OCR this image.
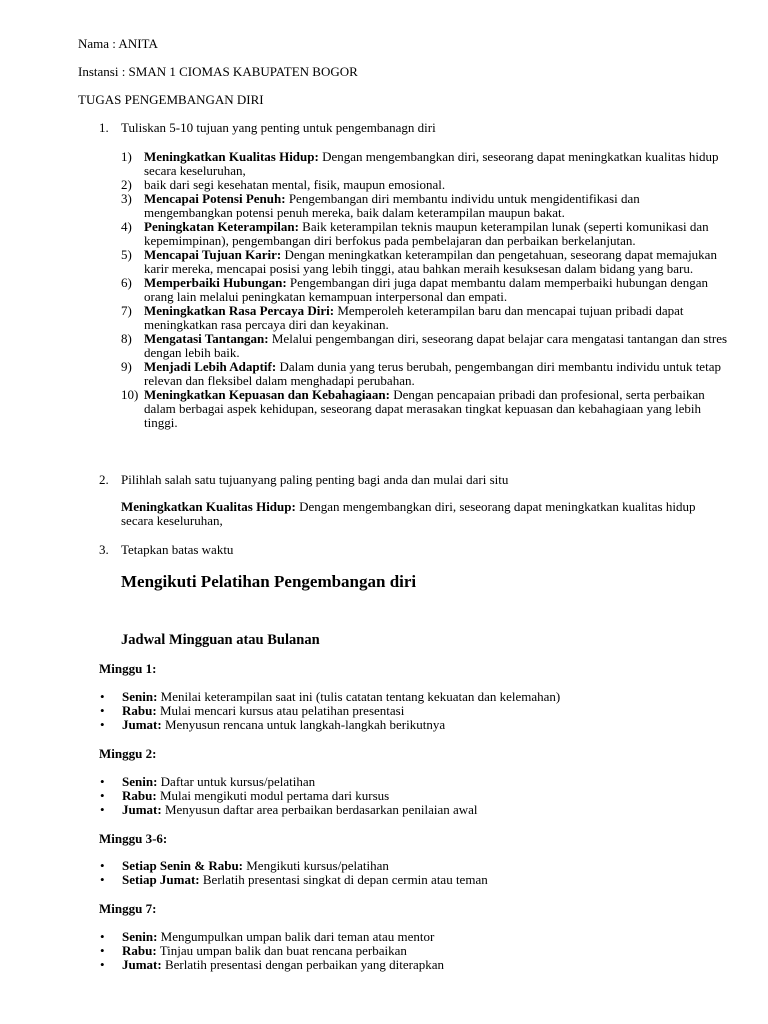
Nama : ANITA
Instansi : SMAN 1 CIOMAS KABUPATEN BOGOR
TUGAS PENGEMBANGAN DIRI
1. Tuliskan 5-10 tujuan yang penting untuk pengembanagn diri
1) Meningkatkan Kualitas Hidup: Dengan mengembangkan diri, seseorang dapat meningkatkan kualitas hidup secara keseluruhan,
2) baik dari segi kesehatan mental, fisik, maupun emosional.
3) Mencapai Potensi Penuh: Pengembangan diri membantu individu untuk mengidentifikasi dan mengembangkan potensi penuh mereka, baik dalam keterampilan maupun bakat.
4) Peningkatan Keterampilan: Baik keterampilan teknis maupun keterampilan lunak (seperti komunikasi dan kepemimpinan), pengembangan diri berfokus pada pembelajaran dan perbaikan berkelanjutan.
5) Mencapai Tujuan Karir: Dengan meningkatkan keterampilan dan pengetahuan, seseorang dapat memajukan karir mereka, mencapai posisi yang lebih tinggi, atau bahkan meraih kesuksesan dalam bidang yang baru.
6) Memperbaiki Hubungan: Pengembangan diri juga dapat membantu dalam memperbaiki hubungan dengan orang lain melalui peningkatan kemampuan interpersonal dan empati.
7) Meningkatkan Rasa Percaya Diri: Memperoleh keterampilan baru dan mencapai tujuan pribadi dapat meningkatkan rasa percaya diri dan keyakinan.
8) Mengatasi Tantangan: Melalui pengembangan diri, seseorang dapat belajar cara mengatasi tantangan dan stres dengan lebih baik.
9) Menjadi Lebih Adaptif: Dalam dunia yang terus berubah, pengembangan diri membantu individu untuk tetap relevan dan fleksibel dalam menghadapi perubahan.
10) Meningkatkan Kepuasan dan Kebahagiaan: Dengan pencapaian pribadi dan profesional, serta perbaikan dalam berbagai aspek kehidupan, seseorang dapat merasakan tingkat kepuasan dan kebahagiaan yang lebih tinggi.
2. Pilihlah salah satu tujuanyang paling penting bagi anda dan mulai dari situ
Meningkatkan Kualitas Hidup: Dengan mengembangkan diri, seseorang dapat meningkatkan kualitas hidup secara keseluruhan,
3. Tetapkan batas waktu
Mengikuti Pelatihan Pengembangan diri
Jadwal Mingguan atau Bulanan
Minggu 1:
• Senin: Menilai keterampilan saat ini (tulis catatan tentang kekuatan dan kelemahan)
• Rabu: Mulai mencari kursus atau pelatihan presentasi
• Jumat: Menyusun rencana untuk langkah-langkah berikutnya
Minggu 2:
• Senin: Daftar untuk kursus/pelatihan
• Rabu: Mulai mengikuti modul pertama dari kursus
• Jumat: Menyusun daftar area perbaikan berdasarkan penilaian awal
Minggu 3-6:
• Setiap Senin & Rabu: Mengikuti kursus/pelatihan
• Setiap Jumat: Berlatih presentasi singkat di depan cermin atau teman
Minggu 7:
• Senin: Mengumpulkan umpan balik dari teman atau mentor
• Rabu: Tinjau umpan balik dan buat rencana perbaikan
• Jumat: Berlatih presentasi dengan perbaikan yang diterapkan
